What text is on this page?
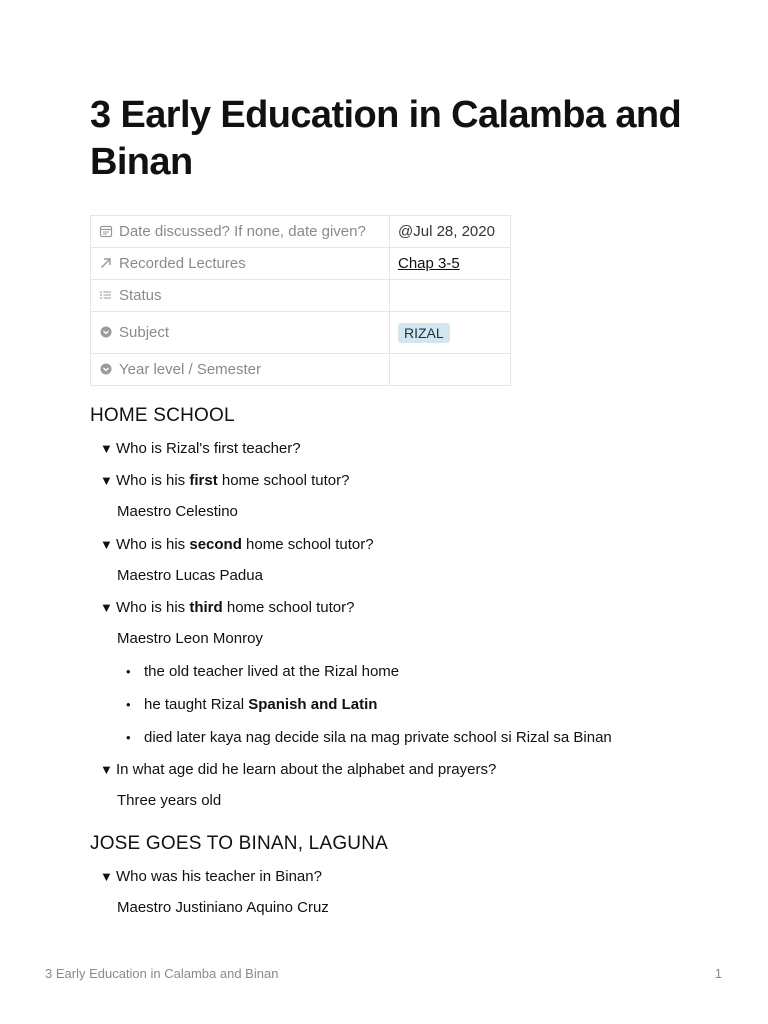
3 Early Education in Calamba and Binan
Date discussed? If none, date given?	@Jul 28, 2020

Recorded Lectures	Chap 3-5

Status	

Subject	RIZAL

Year level / Semester	
HOME SCHOOL
▼ Who is Rizal's first teacher?
▼ Who is his first home school tutor?
Maestro Celestino
▼ Who is his second home school tutor?
Maestro Lucas Padua
▼ Who is his third home school tutor?
Maestro Leon Monroy
• the old teacher lived at the Rizal home
• he taught Rizal Spanish and Latin
• died later kaya nag decide sila na mag private school si Rizal sa Binan
▼ In what age did he learn about the alphabet and prayers?
Three years old
JOSE GOES TO BINAN, LAGUNA
▼ Who was his teacher in Binan?
Maestro Justiniano Aquino Cruz
3 Early Education in Calamba and Binan	1
